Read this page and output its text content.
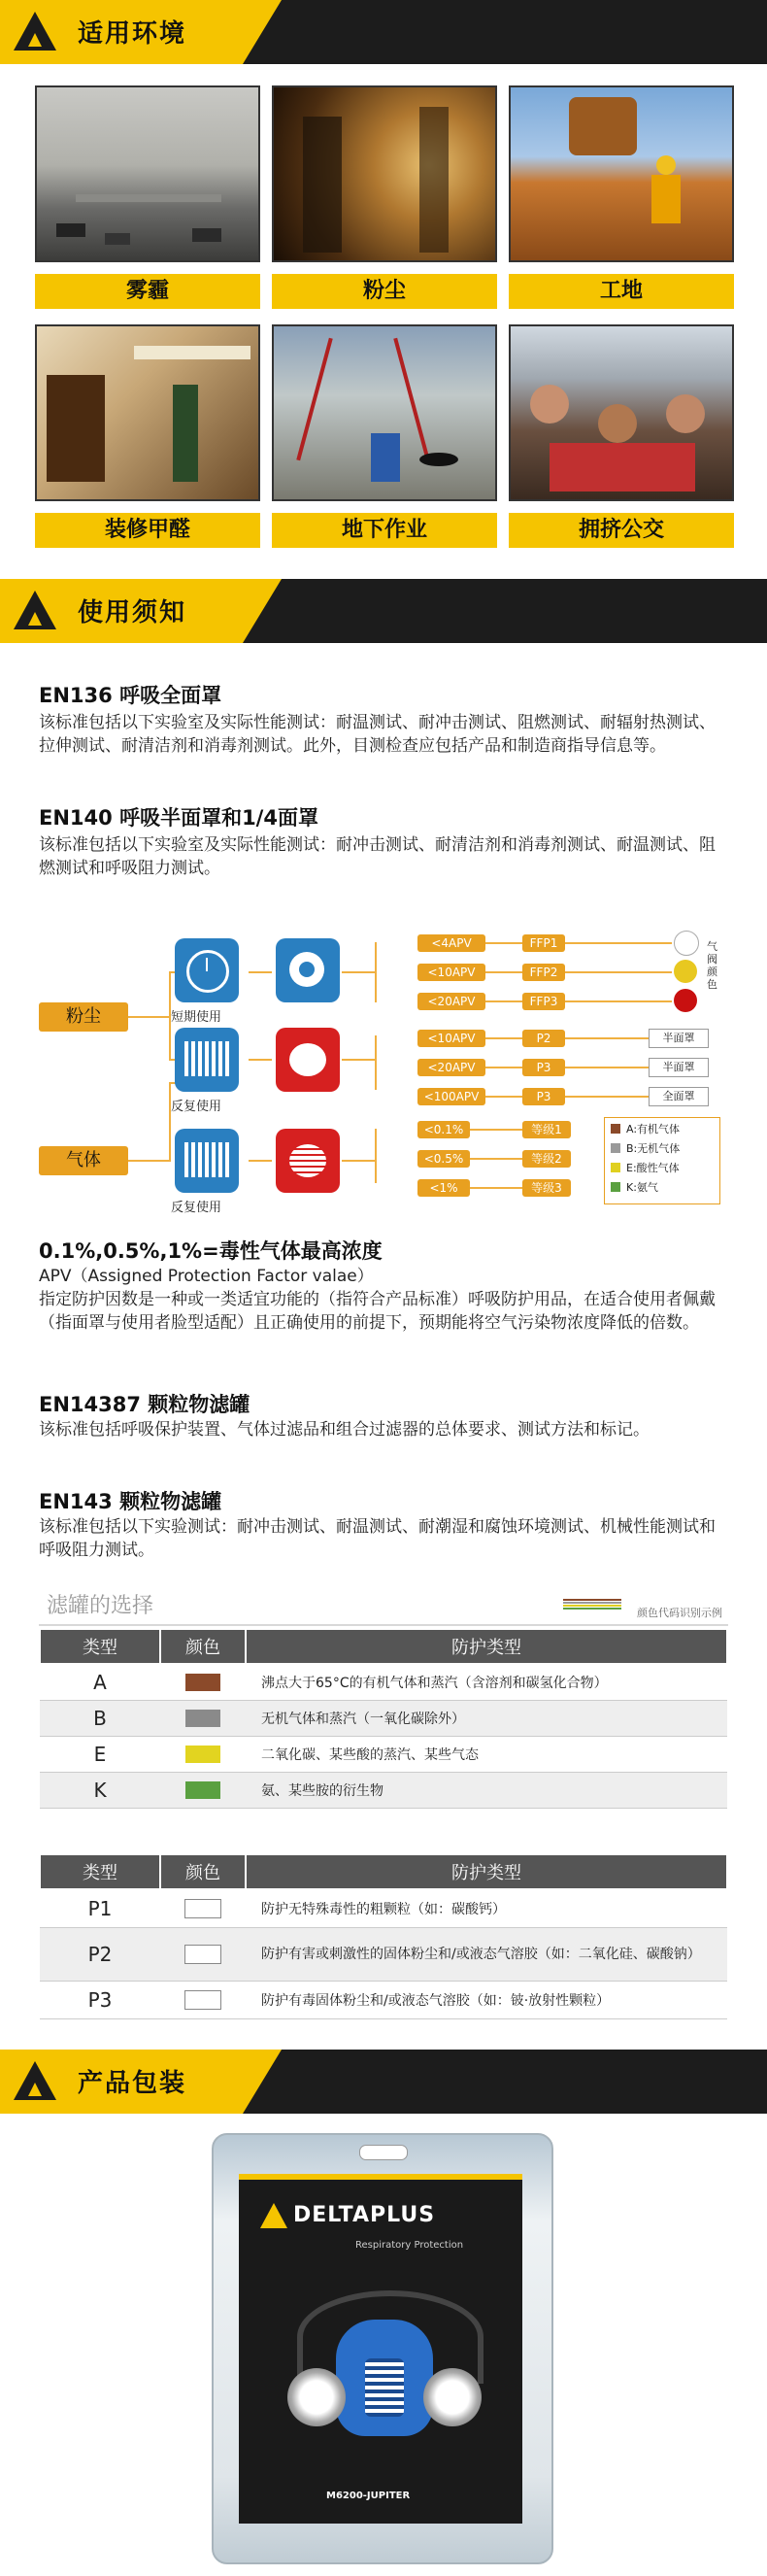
适用环境
雾霾	粉尘	工地
装修甲醛	地下作业	拥挤公交
使用须知
EN136 呼吸全面罩
该标准包括以下实验室及实际性能测试：耐温测试、耐冲击测试、阻燃测试、耐辐射热测试、拉伸测试、耐清洁剂和消毒剂测试。此外，目测检查应包括产品和制造商指导信息等。
EN140 呼吸半面罩和1/4面罩
该标准包括以下实验室及实际性能测试：耐冲击测试、耐清洁剂和消毒剂测试、耐温测试、阻燃测试和呼吸阻力测试。
粉尘
气体
短期使用
反复使用
反复使用
<4APV	FFP1
<10APV	FFP2
<20APV	FFP3
气阀颜色
<10APV	P2	半面罩
<20APV	P3	半面罩
<100APV	P3	全面罩
<0.1%	等级1
<0.5%	等级2
<1%	等级3
A:有机气体
B:无机气体
E:酸性气体
K:氨气
0.1%,0.5%,1%=毒性气体最高浓度
APV（Assigned Protection Factor valae）
指定防护因数是一种或一类适宜功能的（指符合产品标准）呼吸防护用品，在适合使用者佩戴（指面罩与使用者脸型适配）且正确使用的前提下，预期能将空气污染物浓度降低的倍数。
EN14387 颗粒物滤罐
该标准包括呼吸保护装置、气体过滤品和组合过滤器的总体要求、测试方法和标记。
EN143 颗粒物滤罐
该标准包括以下实验测试：耐冲击测试、耐温测试、耐潮湿和腐蚀环境测试、机械性能测试和呼吸阻力测试。
滤罐的选择	颜色代码识别示例
类型	颜色	防护类型
A		沸点大于65°C的有机气体和蒸汽（含溶剂和碳氢化合物）
B		无机气体和蒸汽（一氧化碳除外）
E		二氧化碳、某些酸的蒸汽、某些气态
K		氨、某些胺的衍生物
类型	颜色	防护类型
P1		防护无特殊毒性的粗颗粒（如：碳酸钙）
P2		防护有害或刺激性的固体粉尘和/或液态气溶胶（如：二氧化硅、碳酸钠）
P3		防护有毒固体粉尘和/或液态气溶胶（如：铍·放射性颗粒）
产品包装
DELTAPLUS
Respiratory Protection
M6200-JUPITER
